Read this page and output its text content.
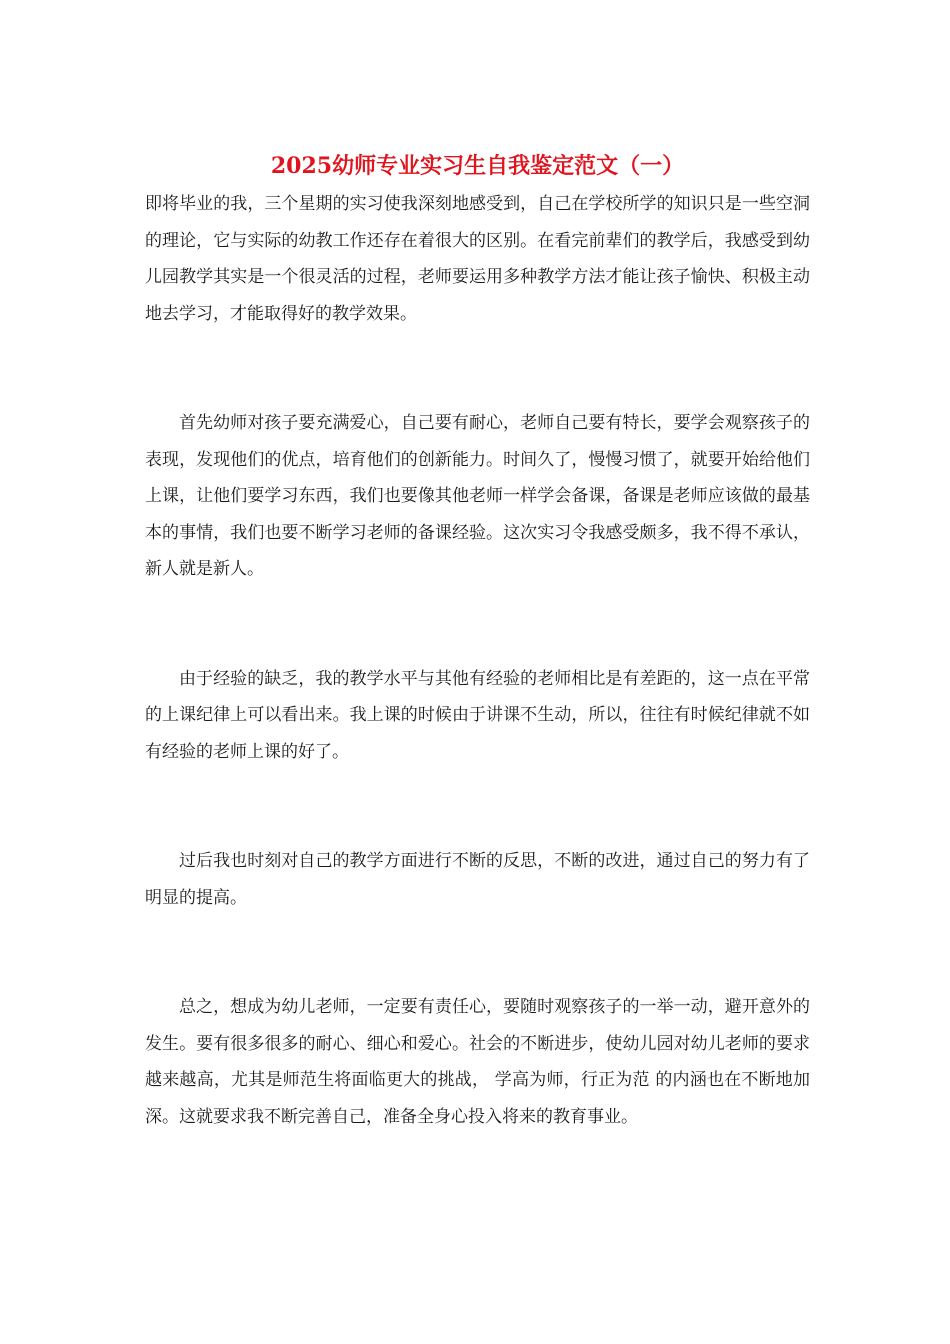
2025幼师专业实习生自我鉴定范文（一）

即将毕业的我，三个星期的实习使我深刻地感受到，自己在学校所学的知识只是一些空洞的理论，它与实际的幼教工作还存在着很大的区别。在看完前辈们的教学后，我感受到幼儿园教学其实是一个很灵活的过程，老师要运用多种教学方法才能让孩子愉快、积极主动地去学习，才能取得好的教学效果。

首先幼师对孩子要充满爱心，自己要有耐心，老师自己要有特长，要学会观察孩子的表现，发现他们的优点，培育他们的创新能力。时间久了，慢慢习惯了，就要开始给他们上课，让他们要学习东西，我们也要像其他老师一样学会备课，备课是老师应该做的最基本的事情，我们也要不断学习老师的备课经验。这次实习令我感受颇多，我不得不承认，新人就是新人。

由于经验的缺乏，我的教学水平与其他有经验的老师相比是有差距的，这一点在平常的上课纪律上可以看出来。我上课的时候由于讲课不生动，所以，往往有时候纪律就不如有经验的老师上课的好了。

过后我也时刻对自己的教学方面进行不断的反思，不断的改进，通过自己的努力有了明显的提高。

总之，想成为幼儿老师，一定要有责任心，要随时观察孩子的一举一动，避开意外的发生。要有很多很多的耐心、细心和爱心。社会的不断进步，使幼儿园对幼儿老师的要求越来越高，尤其是师范生将面临更大的挑战， 学高为师，行正为范 的内涵也在不断地加深。这就要求我不断完善自己，准备全身心投入将来的教育事业。
